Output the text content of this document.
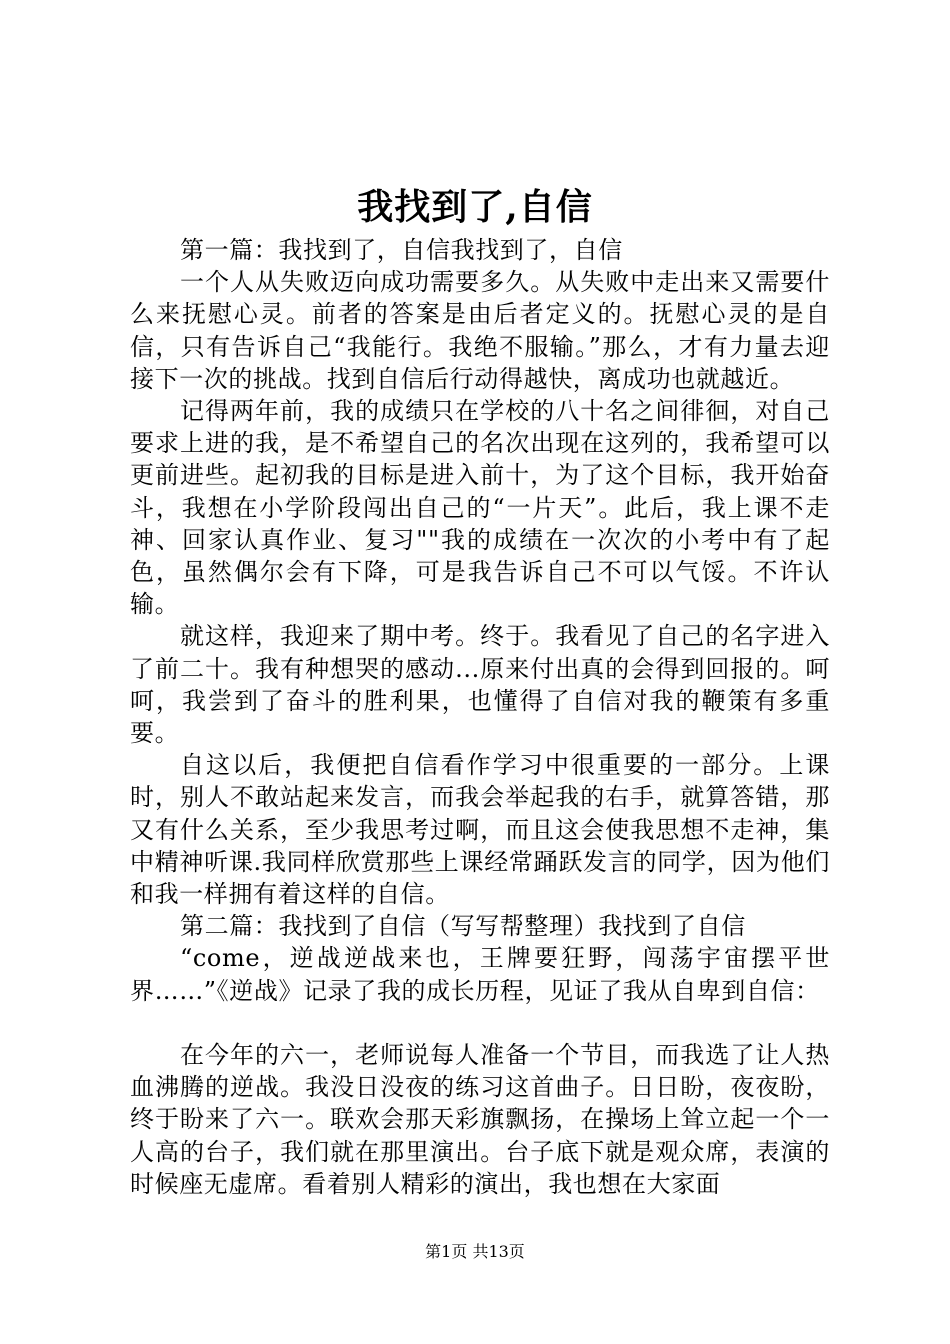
我找到了,自信

第一篇：我找到了，自信我找到了，自信

一个人从失败迈向成功需要多久。从失败中走出来又需要什么来抚慰心灵。前者的答案是由后者定义的。抚慰心灵的是自信，只有告诉自己“我能行。我绝不服输。”那么，才有力量去迎接下一次的挑战。找到自信后行动得越快，离成功也就越近。

记得两年前，我的成绩只在学校的八十名之间徘徊，对自己要求上进的我，是不希望自己的名次出现在这列的，我希望可以更前进些。起初我的目标是进入前十，为了这个目标，我开始奋斗，我想在小学阶段闯出自己的“一片天”。此后，我上课不走神、回家认真作业、复习""我的成绩在一次次的小考中有了起色，虽然偶尔会有下降，可是我告诉自己不可以气馁。不许认输。

就这样，我迎来了期中考。终于。我看见了自己的名字进入了前二十。我有种想哭的感动...原来付出真的会得到回报的。呵呵，我尝到了奋斗的胜利果，也懂得了自信对我的鞭策有多重要。

自这以后，我便把自信看作学习中很重要的一部分。上课时，别人不敢站起来发言，而我会举起我的右手，就算答错，那又有什么关系，至少我思考过啊，而且这会使我思想不走神，集中精神听课.我同样欣赏那些上课经常踊跃发言的同学，因为他们和我一样拥有着这样的自信。

第二篇：我找到了自信（写写帮整理）我找到了自信

“come，逆战逆战来也，王牌要狂野，闯荡宇宙摆平世界……”《逆战》记录了我的成长历程，见证了我从自卑到自信：

在今年的六一，老师说每人准备一个节目，而我选了让人热血沸腾的逆战。我没日没夜的练习这首曲子。日日盼，夜夜盼，终于盼来了六一。联欢会那天彩旗飘扬，在操场上耸立起一个一人高的台子，我们就在那里演出。台子底下就是观众席，表演的时候座无虚席。看着别人精彩的演出，我也想在大家面

第1页 共13页
